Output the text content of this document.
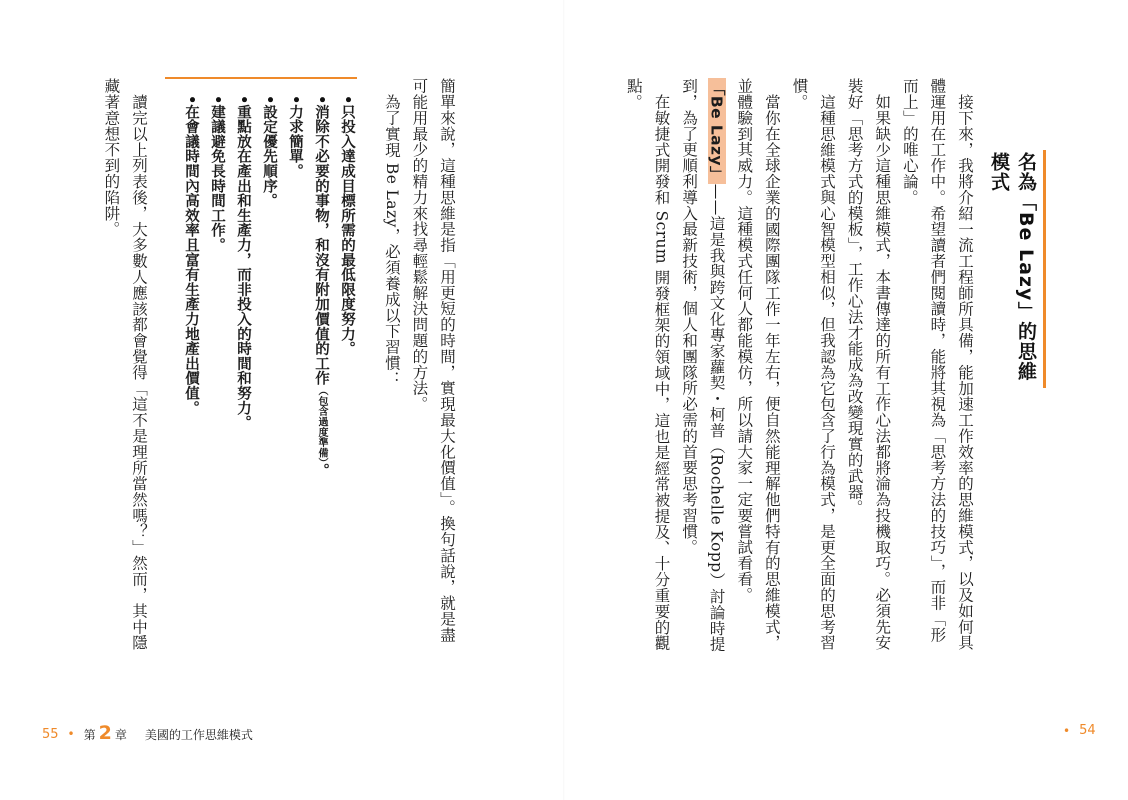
名為「Be Lazy」的思維模式

接下來，我將介紹一流工程師所具備，能加速工作效率的思維模式，以及如何具體運用在工作中。希望讀者們閱讀時，能將其視為「思考方法的技巧」，而非「形而上」的唯心論。

如果缺少這種思維模式，本書傳達的所有工作心法都將淪為投機取巧。必須先安裝好「思考方式的模板」，工作心法才能成為改變現實的武器。

這種思維模式與心智模型相似，但我認為它包含了行為模式，是更全面的思考習慣。

當你在全球企業的國際團隊工作一年左右，便自然能理解他們特有的思維模式，並體驗到其威力。這種模式任何人都能模仿，所以請大家一定要嘗試看看。

「Be Lazy」——這是我與跨文化專家蘿契・柯普（Rochelle Kopp）討論時提到，為了更順利導入最新技術，個人和團隊所必需的首要思考習慣。

在敏捷式開發和 Scrum 開發框架的領域中，這也是經常被提及、十分重要的觀點。

• 54

簡單來說，這種思維是指「用更短的時間，實現最大化價值」。換句話說，就是盡可能用最少的精力來找尋輕鬆解決問題的方法。

為了實現 Be Lazy，必須養成以下習慣：

•只投入達成目標所需的最低限度努力。
•消除不必要的事物，和沒有附加價值的工作（包含過度準備）。
•力求簡單。
•設定優先順序。
•重點放在產出和生產力，而非投入的時間和努力。
•建議避免長時間工作。
•在會議時間內高效率且富有生產力地產出價值。

讀完以上列表後，大多數人應該都會覺得「這不是理所當然嗎？」然而，其中隱藏著意想不到的陷阱。

55 • 第 2 章 美國的工作思維模式
